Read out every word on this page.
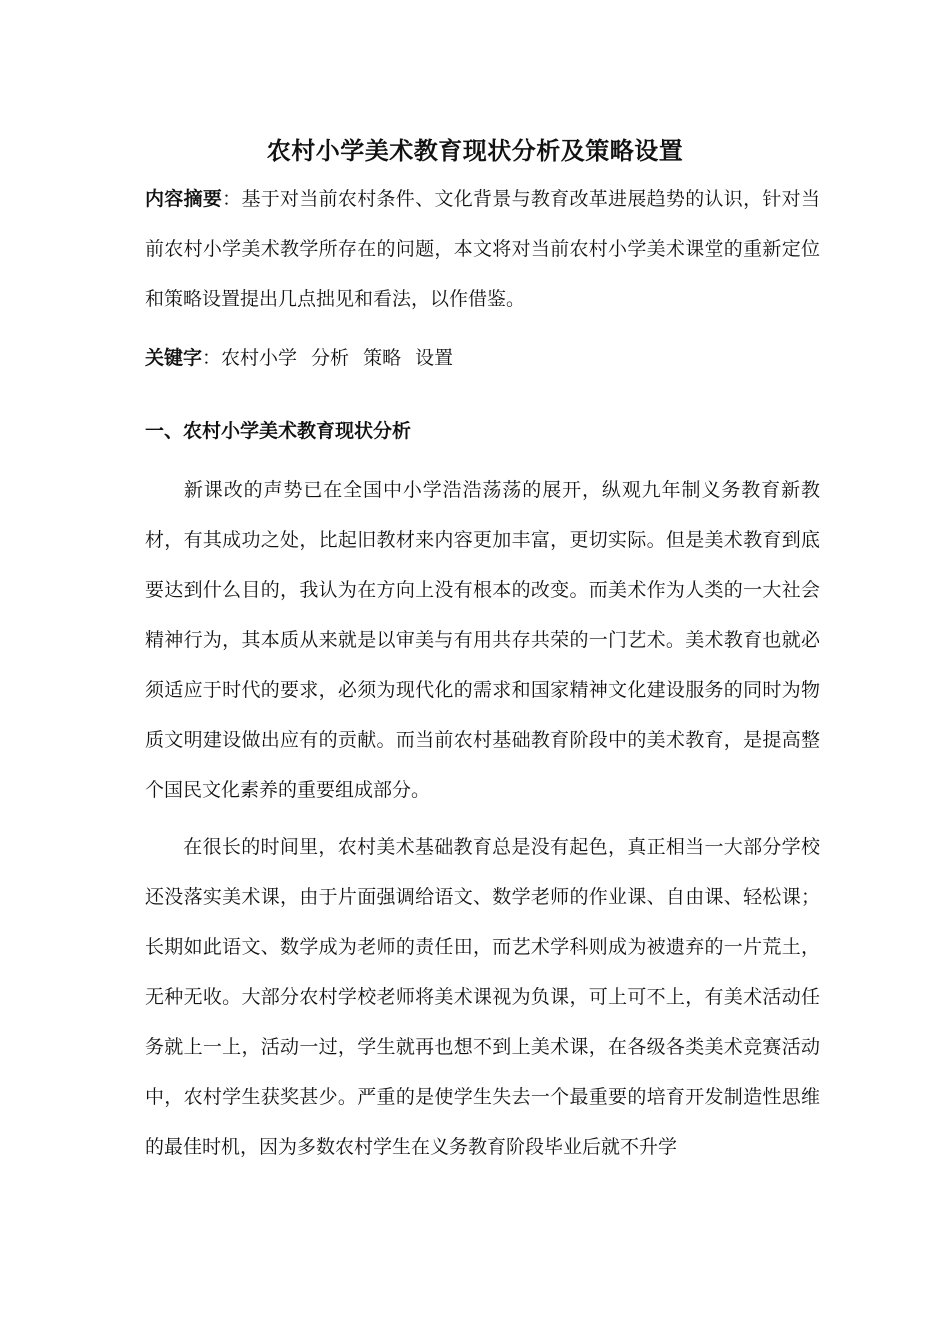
农村小学美术教育现状分析及策略设置
内容摘要：基于对当前农村条件、文化背景与教育改革进展趋势的认识，针对当前农村小学美术教学所存在的问题，本文将对当前农村小学美术课堂的重新定位和策略设置提出几点拙见和看法，以作借鉴。
关键字：农村小学 分析 策略 设置
一、农村小学美术教育现状分析
新课改的声势已在全国中小学浩浩荡荡的展开，纵观九年制义务教育新教材，有其成功之处，比起旧教材来内容更加丰富，更切实际。但是美术教育到底要达到什么目的，我认为在方向上没有根本的改变。而美术作为人类的一大社会精神行为，其本质从来就是以审美与有用共存共荣的一门艺术。美术教育也就必须适应于时代的要求，必须为现代化的需求和国家精神文化建设服务的同时为物质文明建设做出应有的贡献。而当前农村基础教育阶段中的美术教育，是提高整个国民文化素养的重要组成部分。
在很长的时间里，农村美术基础教育总是没有起色，真正相当一大部分学校还没落实美术课，由于片面强调给语文、数学老师的作业课、自由课、轻松课；长期如此语文、数学成为老师的责任田，而艺术学科则成为被遗弃的一片荒土，无种无收。大部分农村学校老师将美术课视为负课，可上可不上，有美术活动任务就上一上，活动一过，学生就再也想不到上美术课，在各级各类美术竞赛活动中，农村学生获奖甚少。严重的是使学生失去一个最重要的培育开发制造性思维的最佳时机，因为多数农村学生在义务教育阶段毕业后就不升学
